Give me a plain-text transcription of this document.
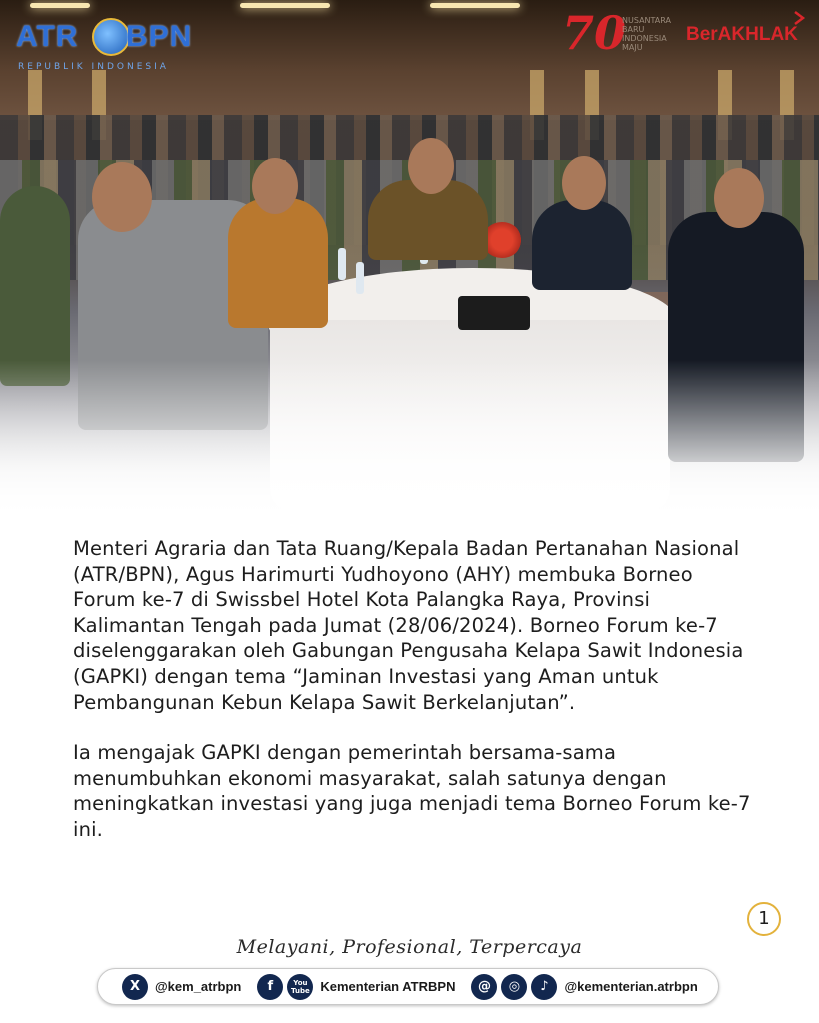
ATR BPN
REPUBLIK INDONESIA
70
NUSANTARA BARU INDONESIA MAJU
BerAKHLAK

Menteri Agraria dan Tata Ruang/Kepala Badan Pertanahan Nasional (ATR/BPN), Agus Harimurti Yudhoyono (AHY) membuka Borneo Forum ke-7 di Swissbel Hotel Kota Palangka Raya, Provinsi Kalimantan Tengah pada Jumat (28/06/2024). Borneo Forum ke-7 diselenggarakan oleh Gabungan Pengusaha Kelapa Sawit Indonesia (GAPKI) dengan tema “Jaminan Investasi yang Aman untuk Pembangunan Kebun Kelapa Sawit Berkelanjutan”.

Ia mengajak GAPKI dengan pemerintah bersama-sama menumbuhkan ekonomi masyarakat, salah satunya dengan meningkatkan investasi yang juga menjadi tema Borneo Forum ke-7 ini.

1
Melayani, Profesional, Terpercaya
X	@kem_atrbpn	f	You Tube Kementerian ATRBPN	@	◎	♪	@kementerian.atrbpn
